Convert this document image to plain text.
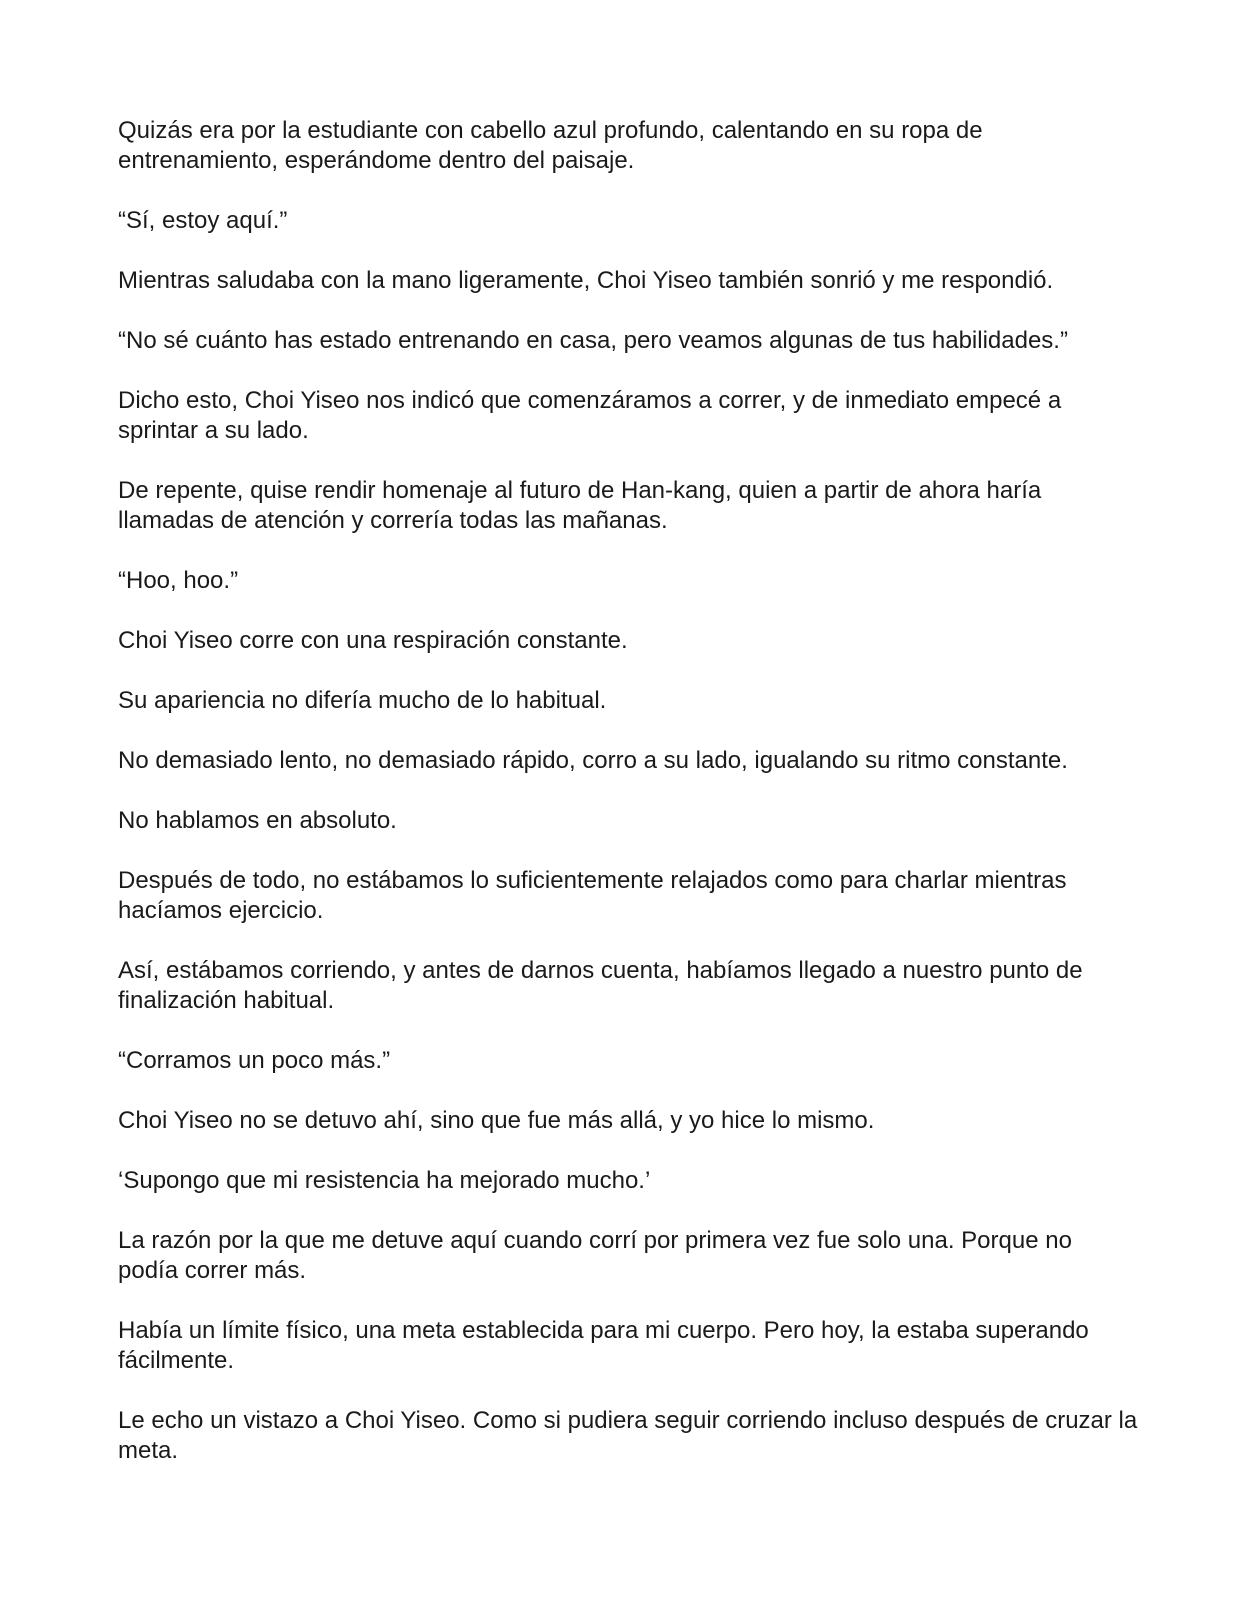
Quizás era por la estudiante con cabello azul profundo, calentando en su ropa de entrenamiento, esperándome dentro del paisaje.

“Sí, estoy aquí.”

Mientras saludaba con la mano ligeramente, Choi Yiseo también sonrió y me respondió.

“No sé cuánto has estado entrenando en casa, pero veamos algunas de tus habilidades.”

Dicho esto, Choi Yiseo nos indicó que comenzáramos a correr, y de inmediato empecé a sprintar a su lado.

De repente, quise rendir homenaje al futuro de Han-kang, quien a partir de ahora haría llamadas de atención y correría todas las mañanas.

“Hoo, hoo.”

Choi Yiseo corre con una respiración constante.

Su apariencia no difería mucho de lo habitual.

No demasiado lento, no demasiado rápido, corro a su lado, igualando su ritmo constante.

No hablamos en absoluto.

Después de todo, no estábamos lo suficientemente relajados como para charlar mientras hacíamos ejercicio.

Así, estábamos corriendo, y antes de darnos cuenta, habíamos llegado a nuestro punto de finalización habitual.

“Corramos un poco más.”

Choi Yiseo no se detuvo ahí, sino que fue más allá, y yo hice lo mismo.

‘Supongo que mi resistencia ha mejorado mucho.’

La razón por la que me detuve aquí cuando corrí por primera vez fue solo una. Porque no podía correr más.

Había un límite físico, una meta establecida para mi cuerpo. Pero hoy, la estaba superando fácilmente.

Le echo un vistazo a Choi Yiseo. Como si pudiera seguir corriendo incluso después de cruzar la meta.
